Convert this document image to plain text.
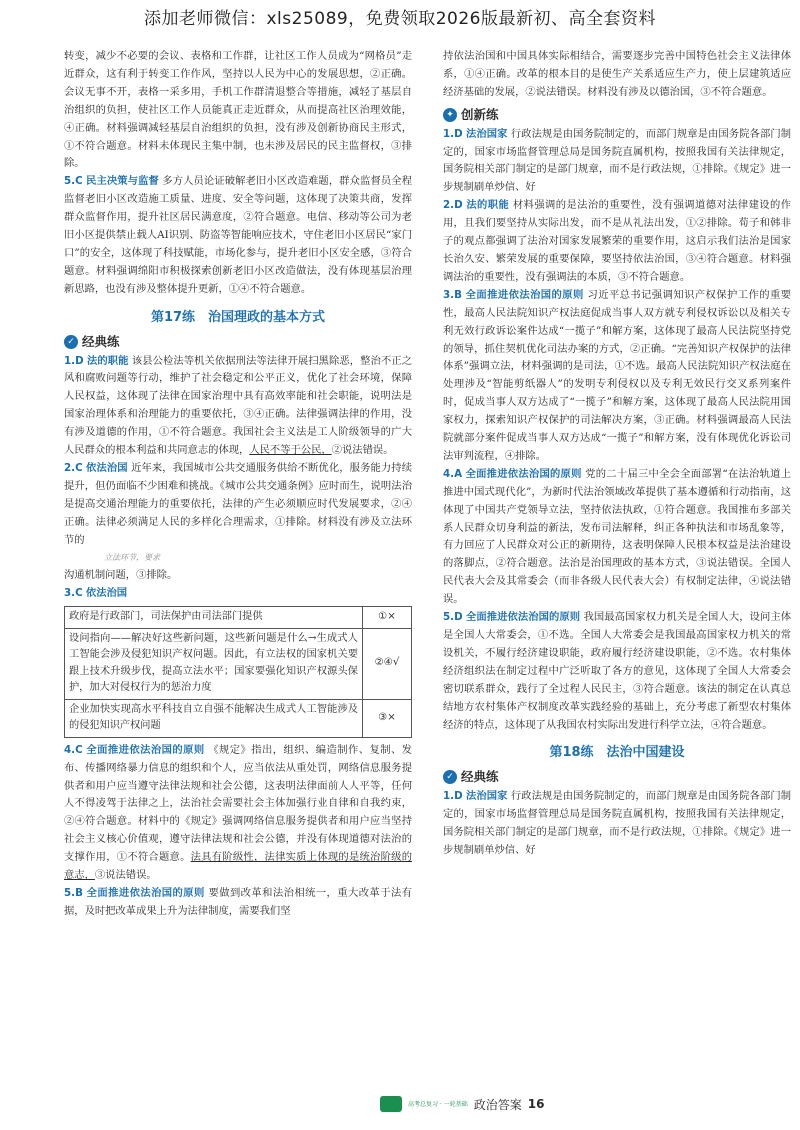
添加老师微信：xls25089，免费领取2026版最新初、高全套资料

转变，减少不必要的会议、表格和工作群，让社区工作人员成为“网格员”走近群众，这有利于转变工作作风，坚持以人民为中心的发展思想，②正确。会议无事不开，表格一采多用，手机工作群清退整合等措施，减轻了基层自治组织的负担，使社区工作人员能真正走近群众，从而提高社区治理效能，④正确。材料强调减轻基层自治组织的负担，没有涉及创新协商民主形式，①不符合题意。材料未体现民主集中制，也未涉及居民的民主监督权，③排除。

5.C 民主决策与监督 多方人员论证破解老旧小区改造难题，群众监督员全程监督老旧小区改造施工质量、进度、安全等问题，这体现了决策共商，发挥群众监督作用，提升社区居民满意度，②符合题意。电信、移动等公司为老旧小区提供禁止载人AI识别、防盗等智能响应技术，守住老旧小区居民“家门口”的安全，这体现了科技赋能，市场化参与，提升老旧小区安全感，③符合题意。材料强调绵阳市积极探索创新老旧小区改造做法，没有体现基层治理新思路，也没有涉及整体提升更新，①④不符合题意。

第17练　治国理政的基本方式
✓ 经典练

1.D 法的职能 该县公检法等机关依据刑法等法律开展扫黑除恶，整治不正之风和腐败问题等行动，维护了社会稳定和公平正义，优化了社会环境，保障人民权益，这体现了法律在国家治理中具有高效率能和社会职能，说明法是国家治理体系和治理能力的重要依托，③④正确。法律强调法律的作用，没有涉及道德的作用，①不符合题意。我国社会主义法是工人阶级领导的广大人民群众的根本利益和共同意志的体现，人民不等于公民，②说法错误。

2.C 依法治国 近年来，我国城市公共交通服务供给不断优化，服务能力持续提升，但仍面临不少困难和挑战。《城市公共交通条例》应时而生，说明法治是提高交通治理能力的重要依托，法律的产生必须顺应时代发展要求，②④正确。法律必须满足人民的多样化合理需求，①排除。材料没有涉及立法环节的

立法环节，要求

沟通机制问题，③排除。

3.C 依法治国

政府是行政部门，司法保护由司法部门提供	①×
设问指向——解决好这些新问题，这些新问题是什么→生成式人工智能会涉及侵犯知识产权问题。因此，有立法权的国家机关要跟上技术升级步伐，提高立法水平；国家要强化知识产权源头保护，加大对侵权行为的惩治力度	②④√
企业加快实现高水平科技自立自强不能解决生成式人工智能涉及的侵犯知识产权问题	③×

4.C 全面推进依法治国的原则 《规定》指出，组织、编造制作、复制、发布、传播网络暴力信息的组织和个人，应当依法从重处罚，网络信息服务提供者和用户应当遵守法律法规和社会公德，这表明法律面前人人平等，任何人不得凌驾于法律之上，法治社会需要社会主体加强行业自律和自我约束，②④符合题意。材料中的《规定》强调网络信息服务提供者和用户应当坚持社会主义核心价值观，遵守法律法规和社会公德，并没有体现道德对法治的支撑作用，①不符合题意。法具有阶级性，法律实质上体现的是统治阶级的意志，③说法错误。

5.B 全面推进依法治国的原则 要做到改革和法治相统一，重大改革于法有据，及时把改革成果上升为法律制度，需要我们坚

持依法治国和中国具体实际相结合，需要逐步完善中国特色社会主义法律体系，①④正确。改革的根本目的是使生产关系适应生产力，使上层建筑适应经济基础的发展，②说法错误。材料没有涉及以德治国，③不符合题意。

✦ 创新练

1.D 法治国家 行政法规是由国务院制定的，而部门规章是由国务院各部门制定的，国家市场监督管理总局是国务院直属机构，按照我国有关法律规定，国务院相关部门制定的是部门规章，而不是行政法规，①排除。《规定》进一步规制刷单炒信、好

2.D 法的职能 材料强调的是法治的重要性，没有强调道德对法律建设的作用，且我们要坚持从实际出发，而不是从礼法出发，①②排除。荀子和韩非子的观点都强调了法治对国家发展繁荣的重要作用，这启示我们法治是国家长治久安、繁荣发展的重要保障，要坚持依法治国，③④符合题意。材料强调法治的重要性，没有强调法的本质，③不符合题意。

3.B 全面推进依法治国的原则 习近平总书记强调知识产权保护工作的重要性，最高人民法院知识产权法庭促成当事人双方就专利侵权诉讼以及相关专利无效行政诉讼案件达成“一揽子”和解方案，这体现了最高人民法院坚持党的领导，抓住契机优化司法办案的方式，②正确。“完善知识产权保护的法律体系”强调立法，材料强调的是司法，①不选。最高人民法院知识产权法庭在处理涉及“智能剪纸器人”的发明专利侵权以及专利无效民行交叉系列案件时，促成当事人双方达成了“一揽子”和解方案，这体现了最高人民法院用国家权力，探索知识产权保护的司法解决方案，③正确。材料强调最高人民法院就部分案件促成当事人双方达成“一揽子”和解方案，没有体现优化诉讼司法审判流程，④排除。

4.A 全面推进依法治国的原则 党的二十届三中全会全面部署“在法治轨道上推进中国式现代化”，为新时代法治领域改革提供了基本遵循和行动指南，这体现了中国共产党领导立法，坚持依法执政，①符合题意。我国推布多部关系人民群众切身利益的新法，发布司法解释，纠正各种执法和市场乱象等，有力回应了人民群众对公正的新期待，这表明保障人民根本权益是法治建设的落脚点，②符合题意。法治是治国理政的基本方式，③说法错误。全国人民代表大会及其常委会（而非各级人民代表大会）有权制定法律，④说法错误。

5.D 全面推进依法治国的原则 我国最高国家权力机关是全国人大，设问主体是全国人大常委会，①不选。全国人大常委会是我国最高国家权力机关的常设机关，不履行经济建设职能，政府履行经济建设职能，②不选。农村集体经济组织法在制定过程中广泛听取了各方的意见，这体现了全国人大常委会密切联系群众，践行了全过程人民民主，③符合题意。该法的制定在认真总结地方农村集体产权制度改革实践经验的基础上，充分考虑了新型农村集体经济的特点，这体现了从我国农村实际出发进行科学立法，④符合题意。

第18练　法治中国建设
✓ 经典练

1.D 法治国家 行政法规是由国务院制定的，而部门规章是由国务院各部门制定的，国家市场监督管理总局是国务院直属机构，按照我国有关法律规定，国务院相关部门制定的是部门规章，而不是行政法规，①排除。《规定》进一步规制刷单炒信、好

高考总复习 · 一轮基础 政治答案 16
